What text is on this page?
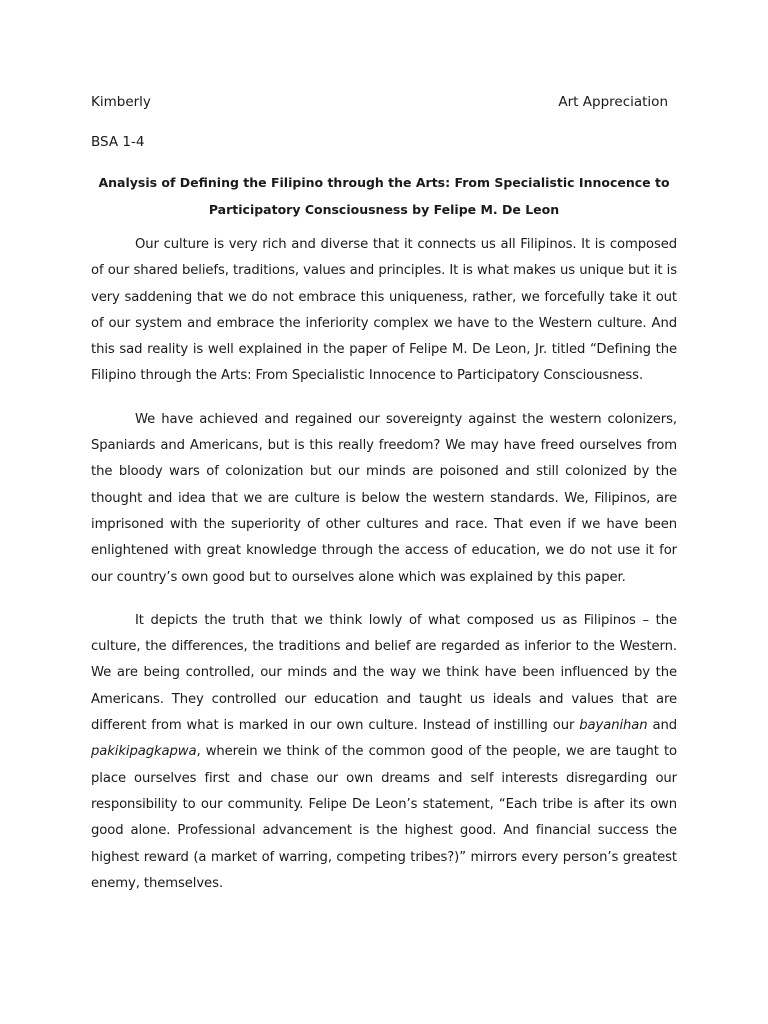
Kimberly	Art Appreciation
BSA 1-4
Analysis of Defining the Filipino through the Arts: From Specialistic Innocence to Participatory Consciousness by Felipe M. De Leon

Our culture is very rich and diverse that it connects us all Filipinos. It is composed of our shared beliefs, traditions, values and principles. It is what makes us unique but it is very saddening that we do not embrace this uniqueness, rather, we forcefully take it out of our system and embrace the inferiority complex we have to the Western culture. And this sad reality is well explained in the paper of Felipe M. De Leon, Jr. titled “Defining the Filipino through the Arts: From Specialistic Innocence to Participatory Consciousness.

We have achieved and regained our sovereignty against the western colonizers, Spaniards and Americans, but is this really freedom? We may have freed ourselves from the bloody wars of colonization but our minds are poisoned and still colonized by the thought and idea that we are culture is below the western standards. We, Filipinos, are imprisoned with the superiority of other cultures and race. That even if we have been enlightened with great knowledge through the access of education, we do not use it for our country’s own good but to ourselves alone which was explained by this paper.

It depicts the truth that we think lowly of what composed us as Filipinos – the culture, the differences, the traditions and belief are regarded as inferior to the Western. We are being controlled, our minds and the way we think have been influenced by the Americans. They controlled our education and taught us ideals and values that are different from what is marked in our own culture. Instead of instilling our bayanihan and pakikipagkapwa, wherein we think of the common good of the people, we are taught to place ourselves first and chase our own dreams and self interests disregarding our responsibility to our community. Felipe De Leon’s statement, “Each tribe is after its own good alone. Professional advancement is the highest good. And financial success the highest reward (a market of warring, competing tribes?)” mirrors every person’s greatest enemy, themselves.
